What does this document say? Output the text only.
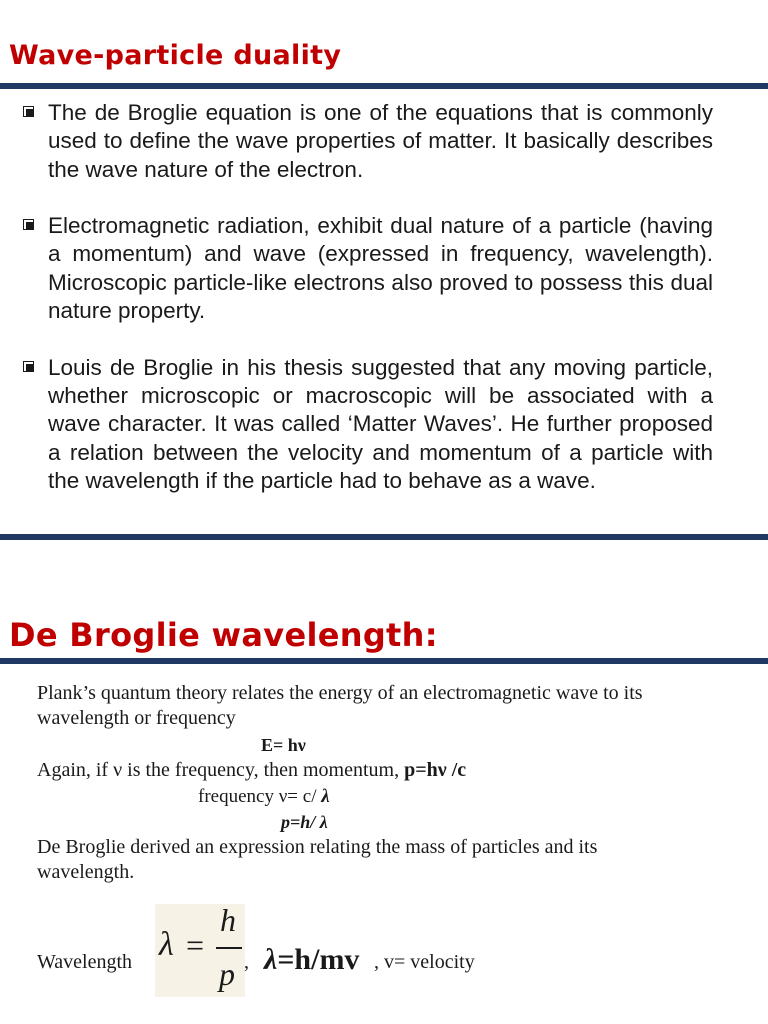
Wave-particle duality
The de Broglie equation is one of the equations that is commonly used to define the wave properties of matter. It basically describes the wave nature of the electron.
Electromagnetic radiation, exhibit dual nature of a particle (having a momentum) and wave (expressed in frequency, wavelength). Microscopic particle-like electrons also proved to possess this dual nature property.
Louis de Broglie in his thesis suggested that any moving particle, whether microscopic or macroscopic will be associated with a wave character. It was called ‘Matter Waves’. He further proposed a relation between the velocity and momentum of a particle with the wavelength if the particle had to behave as a wave.
De Broglie wavelength:
Plank’s quantum theory relates the energy of an electromagnetic wave to its
wavelength or frequency
E= hν
Again, if ν is the frequency, then momentum, p=hν /c
frequency ν= c/ λ
p=h/ λ
De Broglie derived an expression relating the mass of particles and its
wavelength.
Wavelength λ =
h
p , λ=h/mv , v= velocity
